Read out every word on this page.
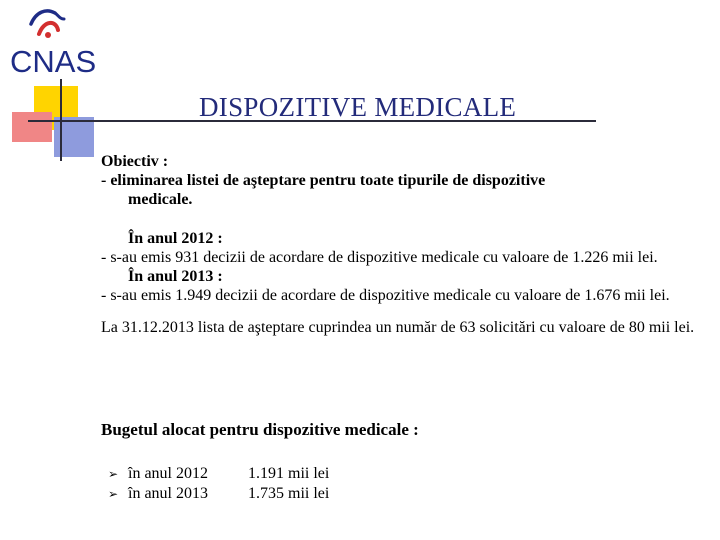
CNAS
DISPOZITIVE MEDICALE

Obiectiv :

- eliminarea listei de aşteptare pentru toate tipurile de dispozitive

medicale.

În anul 2012 :

- s-au emis 931 decizii de acordare de dispozitive medicale cu valoare de 1.226 mii lei.

În anul 2013 :

- s-au emis 1.949 decizii de acordare de dispozitive medicale cu valoare de 1.676 mii lei.

La 31.12.2013 lista de aşteptare cuprindea un număr de 63 solicitări cu valoare de 80 mii lei.

Bugetul alocat pentru dispozitive medicale :
➢ în anul 2012	1.191 mii lei
➢ în anul 2013	1.735 mii lei
